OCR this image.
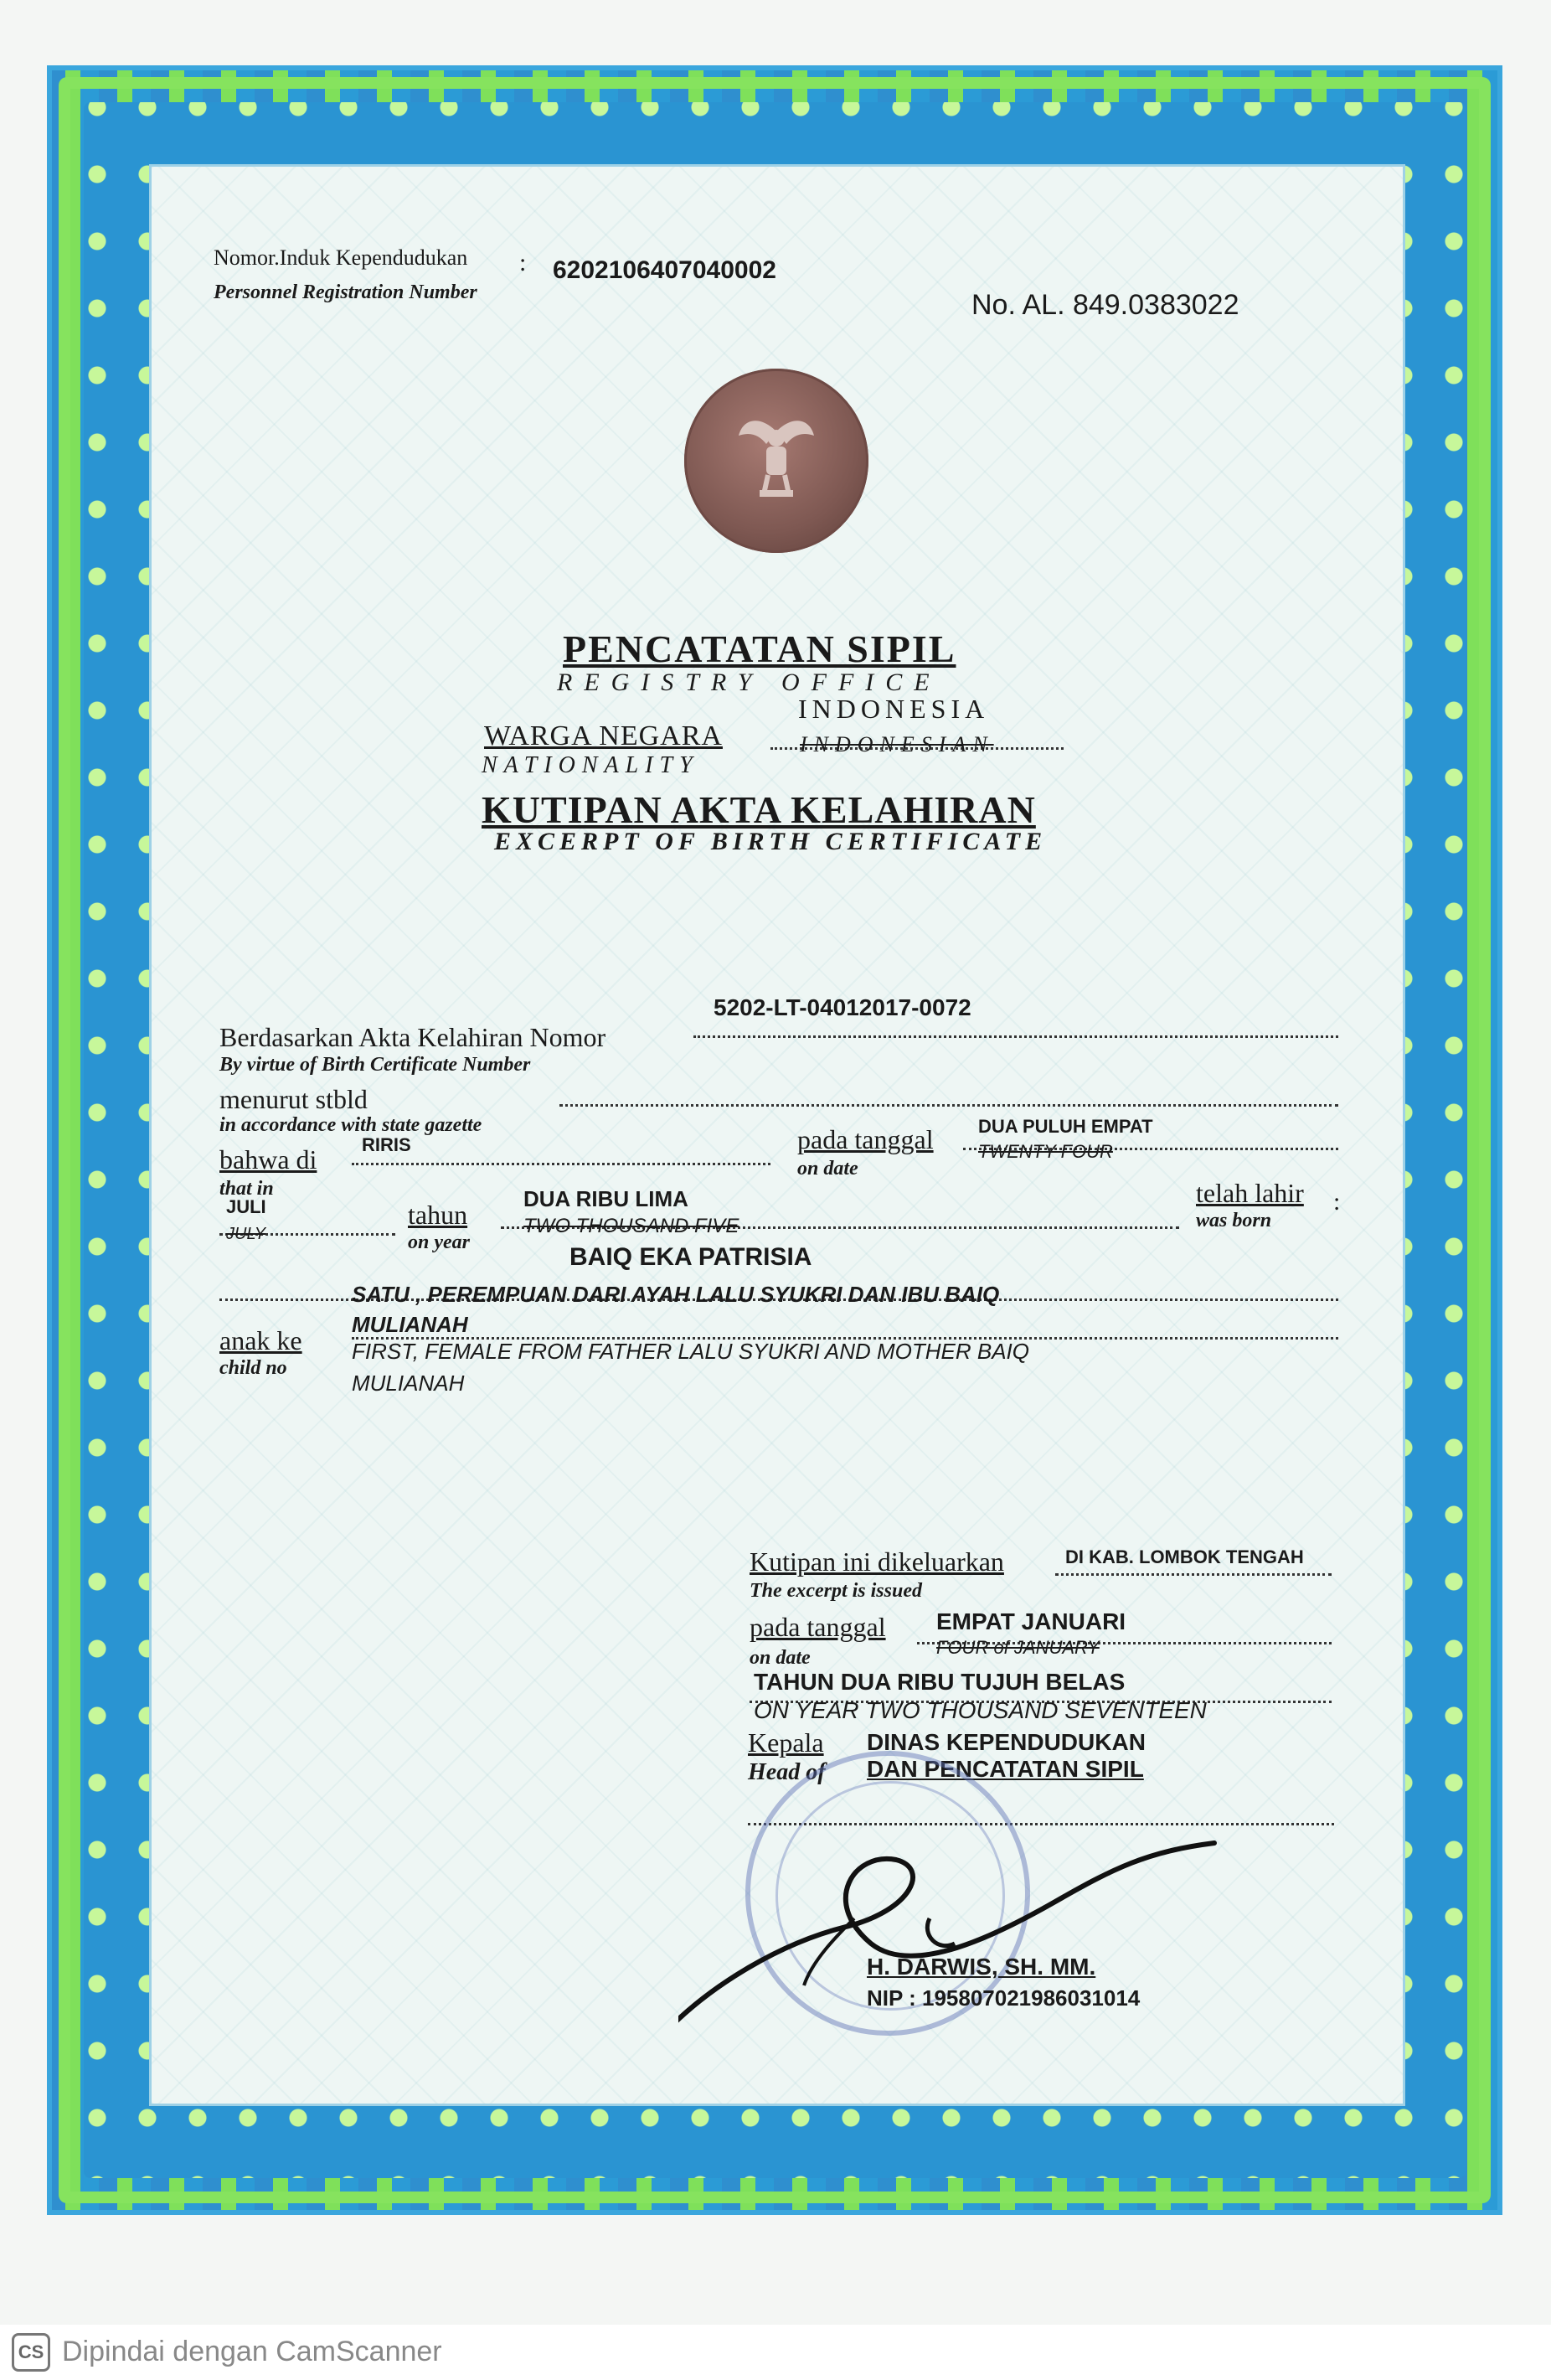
Nomor.Induk Kependudukan :
Personnel Registration Number
6202106407040002
No. AL. 849.0383022
PENCATATAN SIPIL
REGISTRY OFFICE
INDONESIA
WARGA NEGARA
NATIONALITY
INDONESIAN
KUTIPAN AKTA KELAHIRAN
EXCERPT OF BIRTH CERTIFICATE
5202-LT-04012017-0072
Berdasarkan Akta Kelahiran Nomor
By virtue of Birth Certificate Number
menurut stbld
in accordance with state gazette
bahwa di RIRIS
that in
pada tanggal
on date
DUA PULUH EMPAT
TWENTY FOUR
JULI
JULY
tahun
on year
DUA RIBU LIMA
TWO THOUSAND FIVE
telah lahir :
was born
BAIQ EKA PATRISIA
SATU , PEREMPUAN DARI AYAH LALU SYUKRI DAN IBU BAIQ
MULIANAH
anak ke
child no
FIRST, FEMALE FROM FATHER LALU SYUKRI AND MOTHER BAIQ
MULIANAH
Kutipan ini dikeluarkan	DI KAB. LOMBOK TENGAH
The excerpt is issued
pada tanggal EMPAT JANUARI
FOUR of JANUARY
on date
TAHUN DUA RIBU TUJUH BELAS
ON YEAR TWO THOUSAND SEVENTEEN
Kepala DINAS KEPENDUDUKAN
Head of DAN PENCATATAN SIPIL
H. DARWIS, SH. MM.
NIP : 195807021986031014
CS Dipindai dengan CamScanner
